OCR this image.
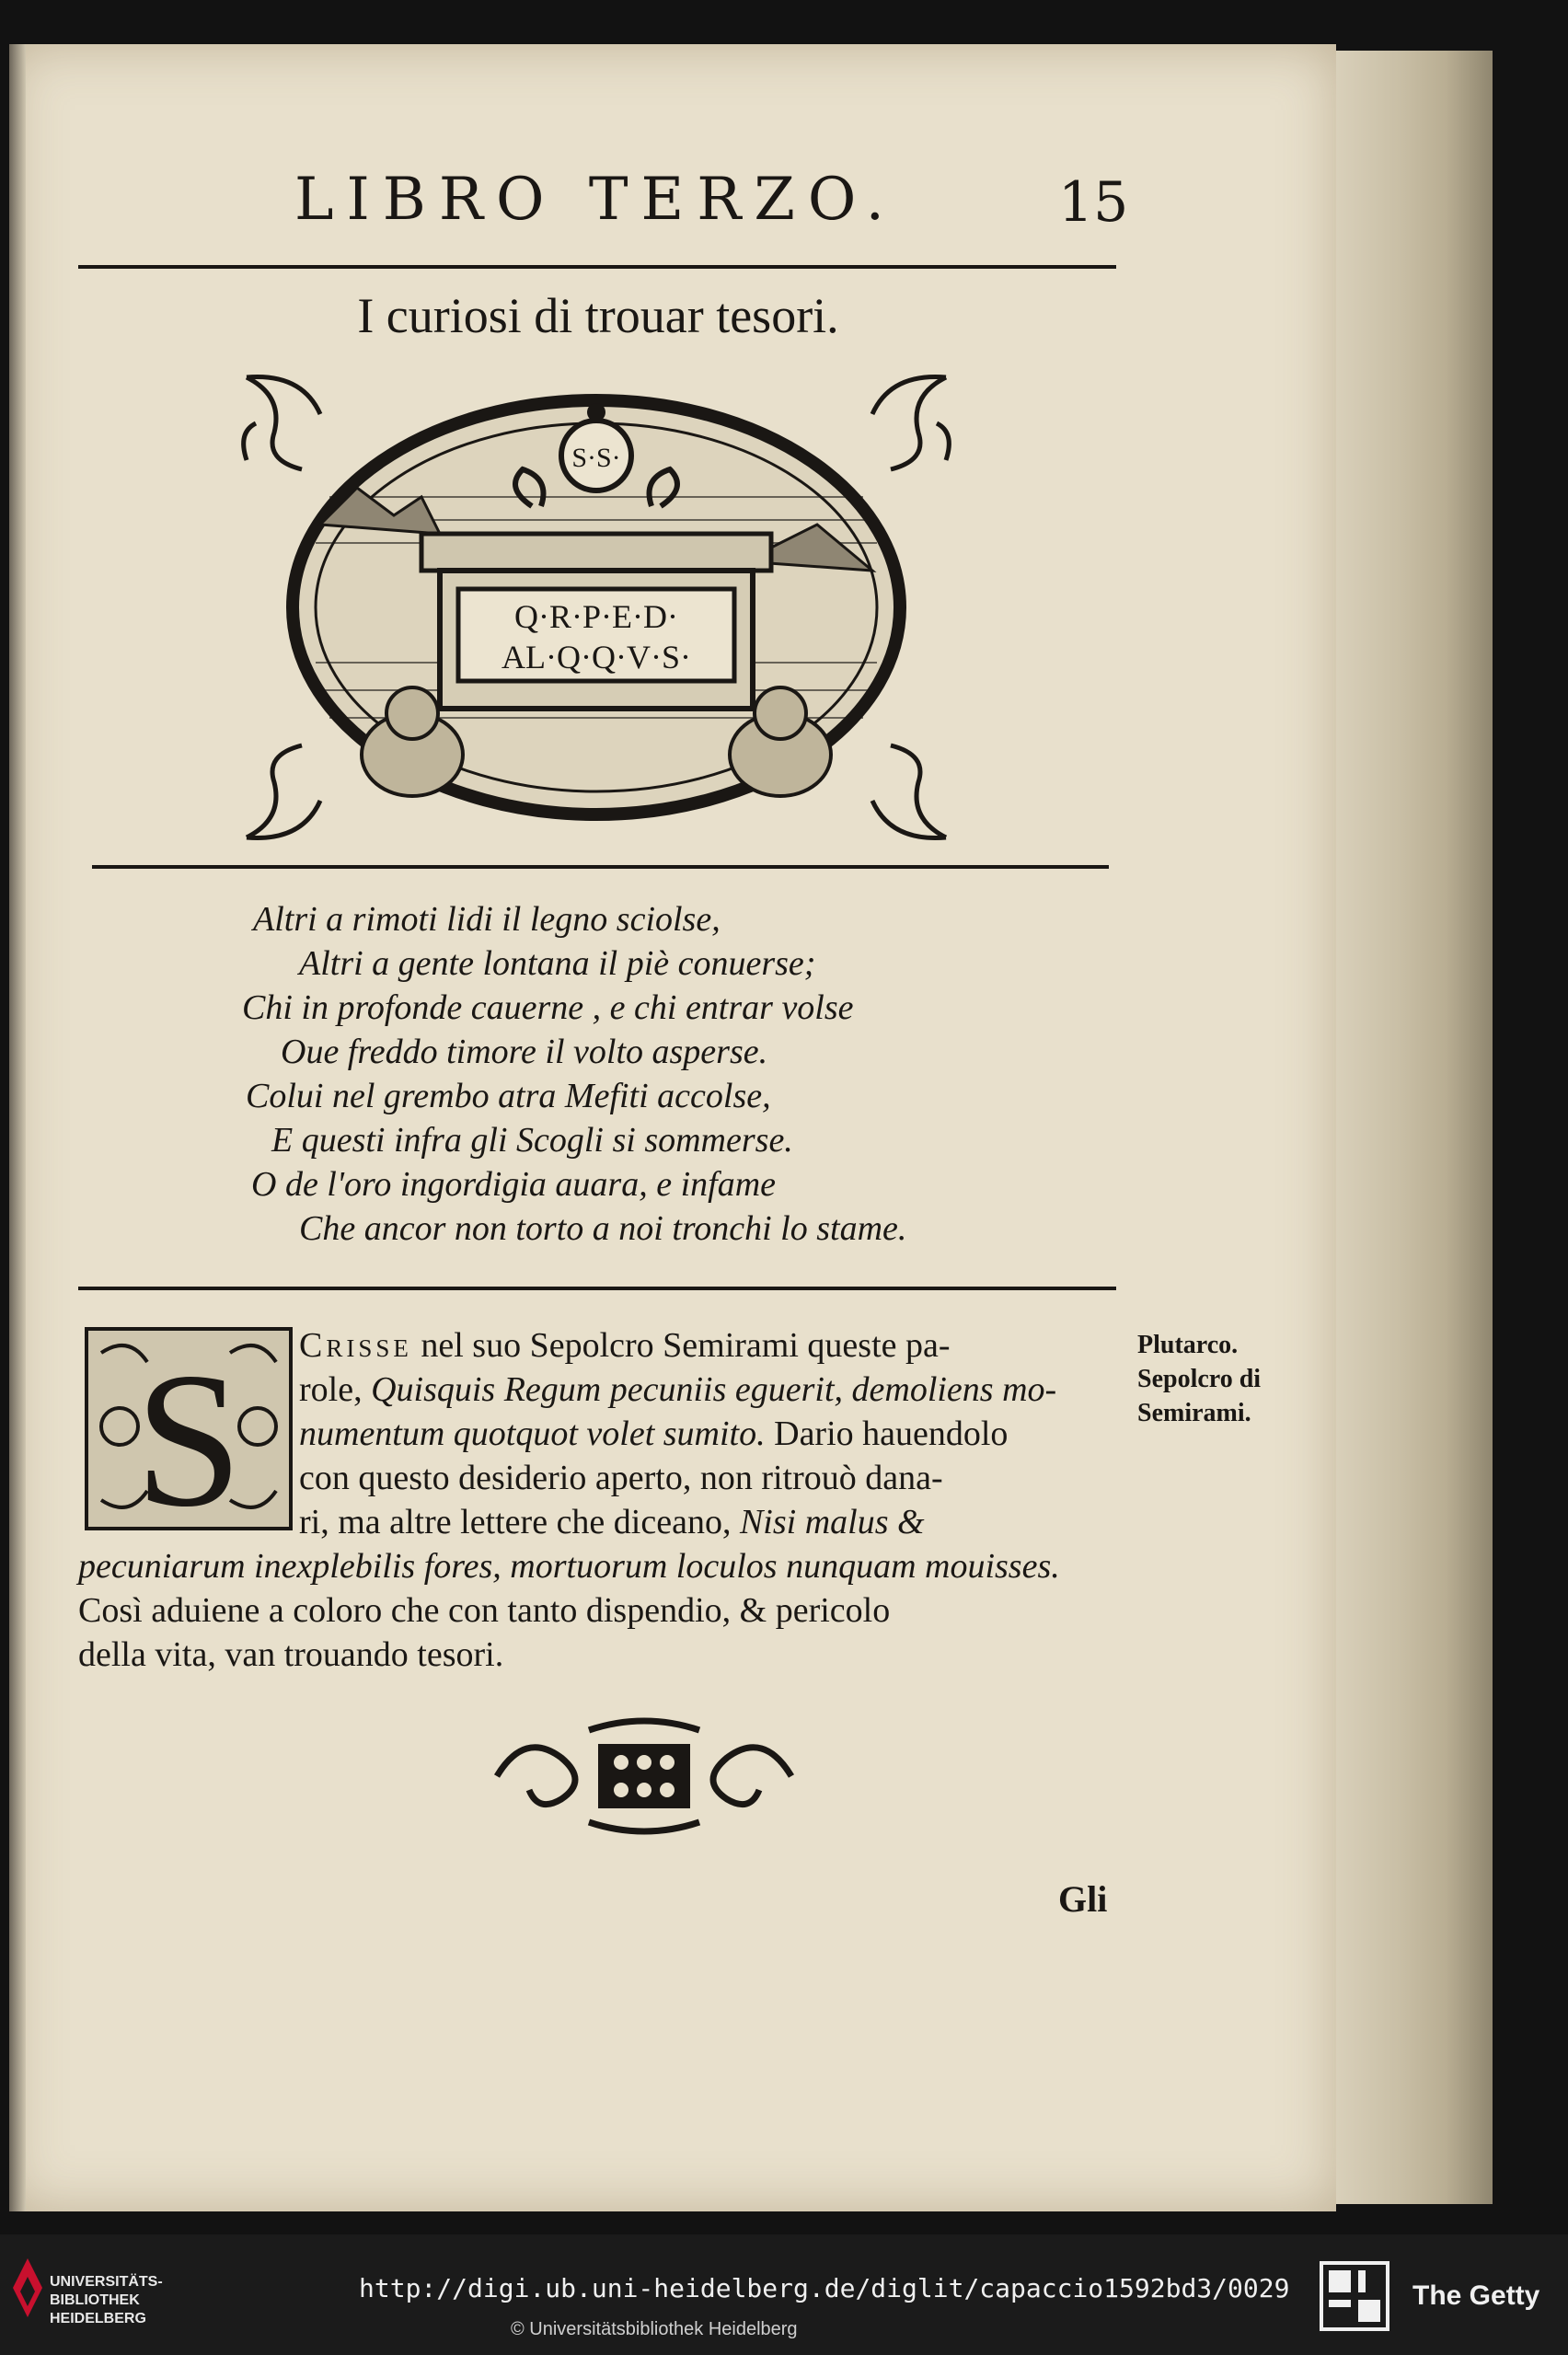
LIBRO TERZO.	15
I curiosi di trouar tesori.
Q·R·P·E·D·
AL·Q·Q·V·S·
S·S·
Altri a rimoti lidi il legno sciolse,
Altri a gente lontana il piè conuerse;
Chi in profonde cauerne , e chi entrar volse
Oue freddo timore il volto asperse.
Colui nel grembo atra Mefiti accolse,
E questi infra gli Scogli si sommerse.
O de l'oro ingordigia auara, e infame
Che ancor non torto a noi tronchi lo stame.
S Crisse nel suo Sepolcro Semirami queste pa-
role, Quisquis Regum pecuniis eguerit, demoliens mo-
numentum quotquot volet sumito. Dario hauendolo
con questo desiderio aperto, non ritrouò dana-
ri, ma altre lettere che diceano, Nisi malus &
pecuniarum inexplebilis fores, mortuorum loculos nunquam mouisses.
Così aduiene a coloro che con tanto dispendio, & pericolo
della vita, van trouando tesori.
Plutarco.
Sepolcro di
Semirami.
Gli
UNIVERSITÄTS-
BIBLIOTHEK
HEIDELBERG
http://digi.ub.uni-heidelberg.de/diglit/capaccio1592bd3/0029
© Universitätsbibliothek Heidelberg
The Getty
